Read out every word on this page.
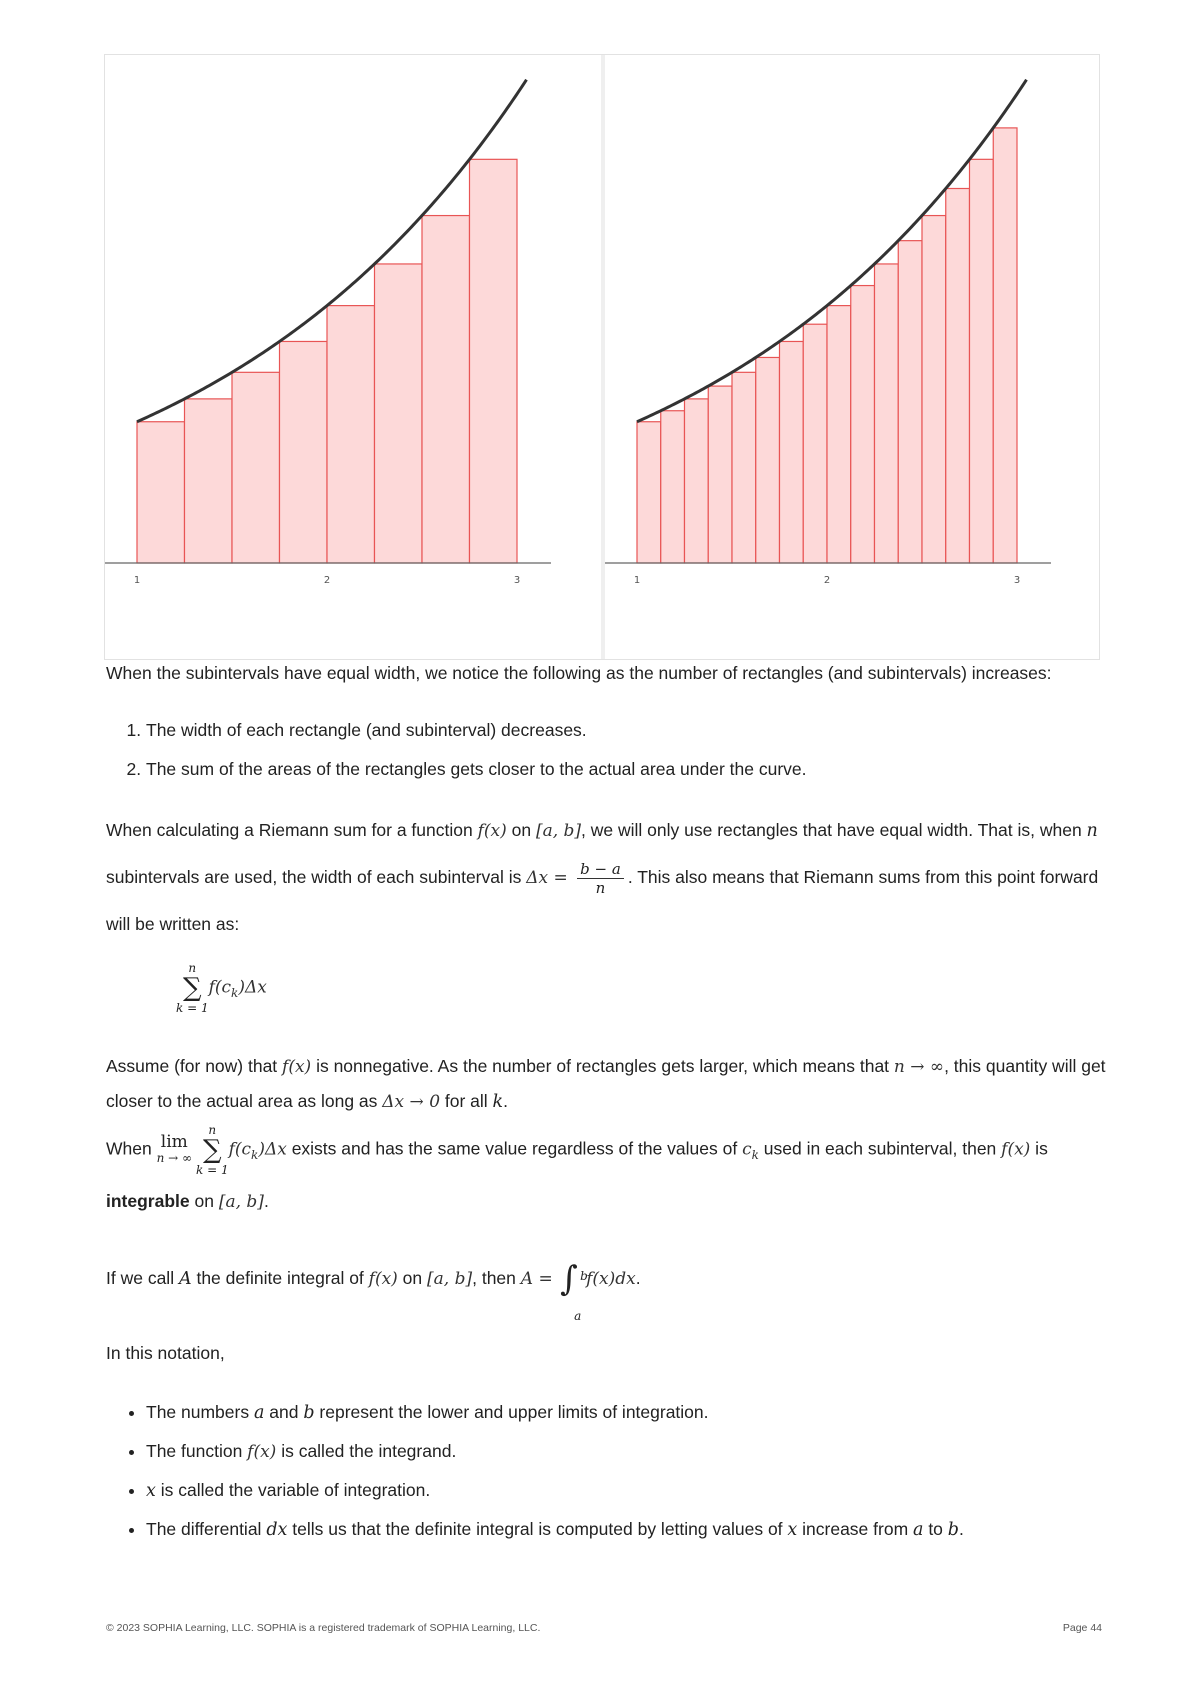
1	2	3	1	2	3

When the subintervals have equal width, we notice the following as the number of rectangles (and subintervals) increases:

1. The width of each rectangle (and subinterval) decreases.
2. The sum of the areas of the rectangles gets closer to the actual area under the curve.

When calculating a Riemann sum for a function f(x) on [a, b], we will only use rectangles that have equal width. That is, when n subintervals are used, the width of each subinterval is $\Delta x = \frac{b - a}{n}$ . This also means that Riemann sums from this point forward will be written as:

n
∑
k = 1
$f(c_k)\Delta x$

Assume (for now) that f(x) is nonnegative. As the number of rectangles gets larger, which means that n → ∞, this quantity will get closer to the actual area as long as Δx → 0 for all k.

When lim
n → ∞
n
∑
k = 1
$f(c_k)\Delta x$ exists and has the same value regardless of the values of $c_k$ used in each subinterval, then f(x) is integrable on [a, b].

If we call A the definite integral of f(x) on [a, b], then A = ∫ b
a
f(x)dx.

In this notation,

• The numbers a and b represent the lower and upper limits of integration.
• The function f(x) is called the integrand.
• x is called the variable of integration.
• The differential dx tells us that the definite integral is computed by letting values of x increase from a to b.
© 2023 SOPHIA Learning, LLC. SOPHIA is a registered trademark of SOPHIA Learning, LLC.	Page 44
